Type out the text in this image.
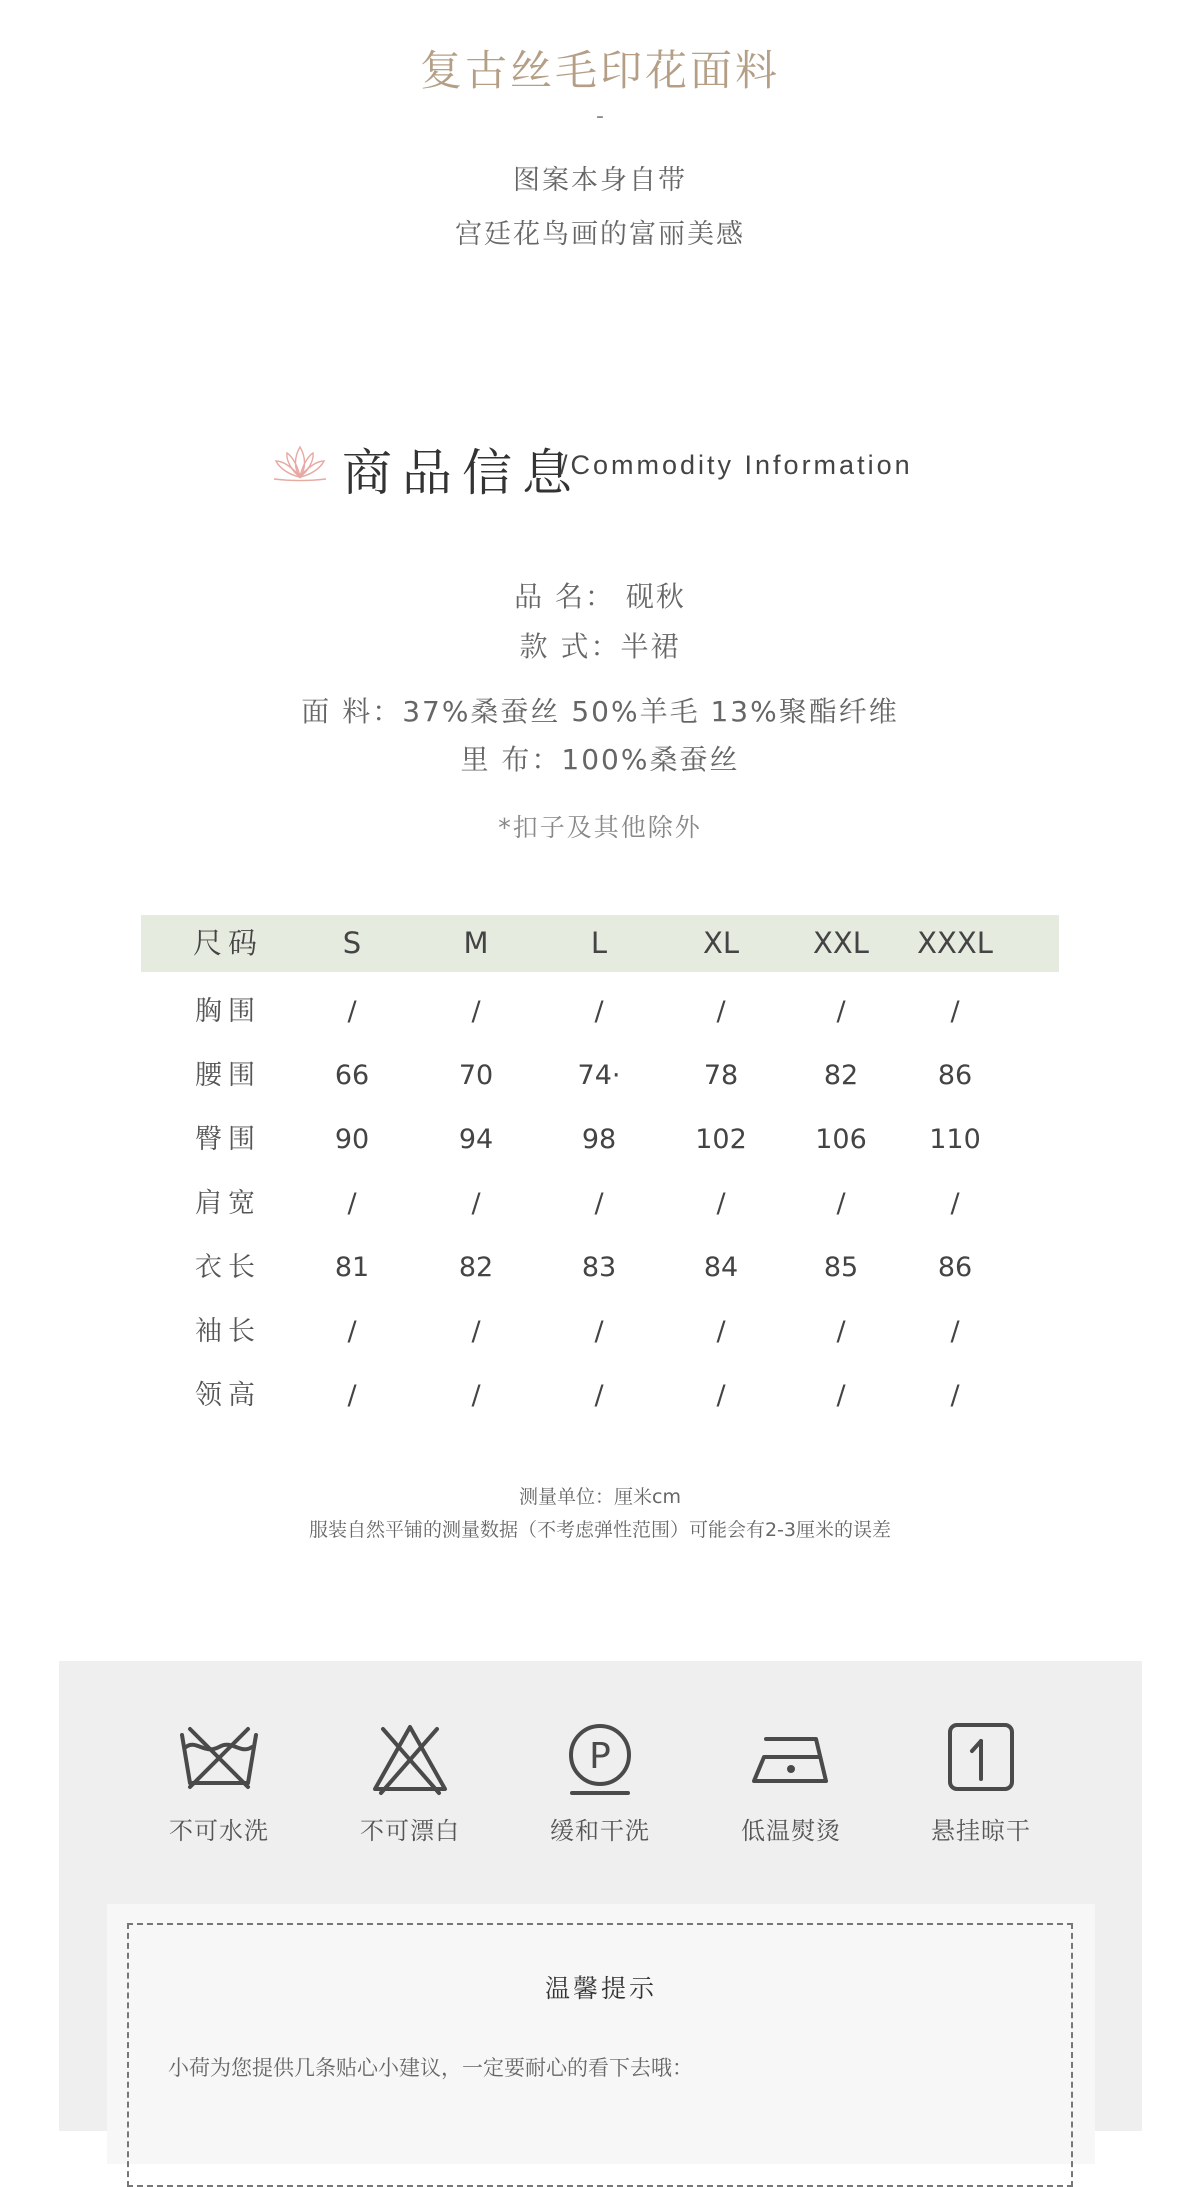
复古丝毛印花面料
-
图案本身自带
宫廷花鸟画的富丽美感
商品信息
/Commodity Information
品 名： 砚秋
款 式：半裙
面 料：37%桑蚕丝 50%羊毛 13%聚酯纤维
里 布：100%桑蚕丝
*扣子及其他除外
尺码	S	M	L	XL	XXL	XXXL
胸围	/	/	/	/	/	/
腰围	66	70	74·	78	82	86
臀围	90	94	98	102	106	110
肩宽	/	/	/	/	/	/
衣长	81	82	83	84	85	86
袖长	/	/	/	/	/	/
领高	/	/	/	/	/	/
测量单位：厘米cm
服装自然平铺的测量数据（不考虑弹性范围）可能会有2-3厘米的误差
不可水洗	不可漂白
P
缓和干洗	低温熨烫	悬挂晾干
温馨提示
小荷为您提供几条贴心小建议，一定要耐心的看下去哦：
